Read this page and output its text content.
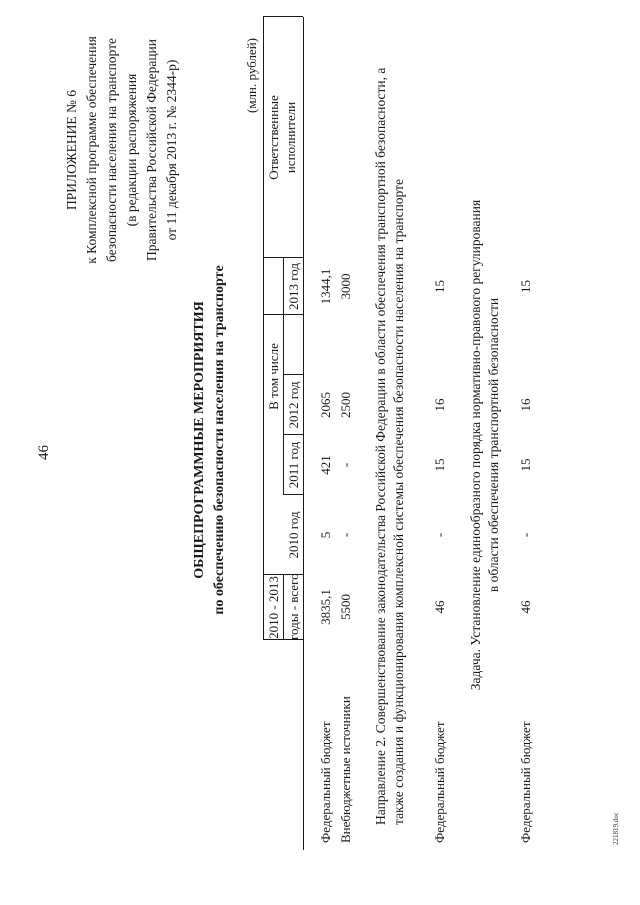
46
ПРИЛОЖЕНИЕ № 6 к Комплексной программе обеспечения безопасности населения на транспорте (в редакции распоряжения Правительства Российской Федерации от 11 декабря 2013 г. № 2344-р)
ОБЩЕПРОГРАММНЫЕ МЕРОПРИЯТИЯ по обеспечению безопасности населения на транспорте
(млн. рублей)
2010 - 2013 годы - всего
В том числе
2010 год
2011 год
2012 год
2013 год
Ответственные исполнители
Федеральный бюджет
3835,1
5
421
2065
1344,1
Внебюджетные источники
5500
-
-
2500
3000 Направление 2. Совершенствование законодательства Российской Федерации в области обеспечения транспортной безопасности, а также создания и функционирования комплексной системы обеспечения безопасности населения на транспорте Федеральный бюджет
46
-
15
16
15 Задача. Установление единообразного порядка нормативно-правового регулирования в области обеспечения транспортной безопасности
Федеральный бюджет
46
-
15
16
15
221819.doc
